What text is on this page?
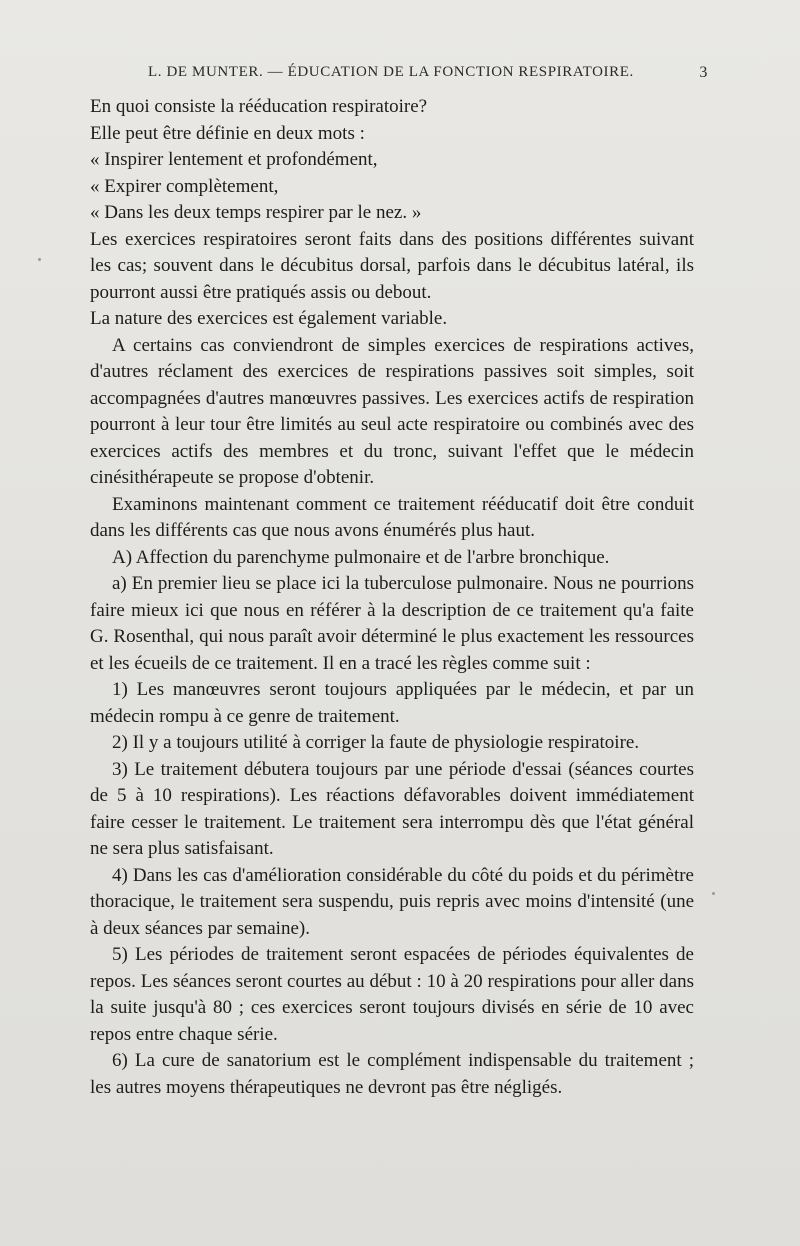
L. DE MUNTER. — ÉDUCATION DE LA FONCTION RESPIRATOIRE.	3

En quoi consiste la rééducation respiratoire?

Elle peut être définie en deux mots :

« Inspirer lentement et profondément,

« Expirer complètement,

« Dans les deux temps respirer par le nez. »

Les exercices respiratoires seront faits dans des positions différentes suivant les cas; souvent dans le décubitus dorsal, parfois dans le décubitus latéral, ils pourront aussi être pratiqués assis ou debout.

La nature des exercices est également variable.

A certains cas conviendront de simples exercices de respirations actives, d'autres réclament des exercices de respirations passives soit simples, soit accompagnées d'autres manœuvres passives. Les exercices actifs de respiration pourront à leur tour être limités au seul acte respiratoire ou combinés avec des exercices actifs des membres et du tronc, suivant l'effet que le médecin cinésithérapeute se propose d'obtenir.

Examinons maintenant comment ce traitement rééducatif doit être conduit dans les différents cas que nous avons énumérés plus haut.

A) Affection du parenchyme pulmonaire et de l'arbre bronchique.

a) En premier lieu se place ici la tuberculose pulmonaire. Nous ne pourrions faire mieux ici que nous en référer à la description de ce traitement qu'a faite G. Rosenthal, qui nous paraît avoir déterminé le plus exactement les ressources et les écueils de ce traitement. Il en a tracé les règles comme suit :

1) Les manœuvres seront toujours appliquées par le médecin, et par un médecin rompu à ce genre de traitement.

2) Il y a toujours utilité à corriger la faute de physiologie respiratoire.

3) Le traitement débutera toujours par une période d'essai (séances courtes de 5 à 10 respirations). Les réactions défavorables doivent immédiatement faire cesser le traitement. Le traitement sera interrompu dès que l'état général ne sera plus satisfaisant.

4) Dans les cas d'amélioration considérable du côté du poids et du périmètre thoracique, le traitement sera suspendu, puis repris avec moins d'intensité (une à deux séances par semaine).

5) Les périodes de traitement seront espacées de périodes équivalentes de repos. Les séances seront courtes au début : 10 à 20 respirations pour aller dans la suite jusqu'à 80 ; ces exercices seront toujours divisés en série de 10 avec repos entre chaque série.

6) La cure de sanatorium est le complément indispensable du traitement ; les autres moyens thérapeutiques ne devront pas être négligés.
